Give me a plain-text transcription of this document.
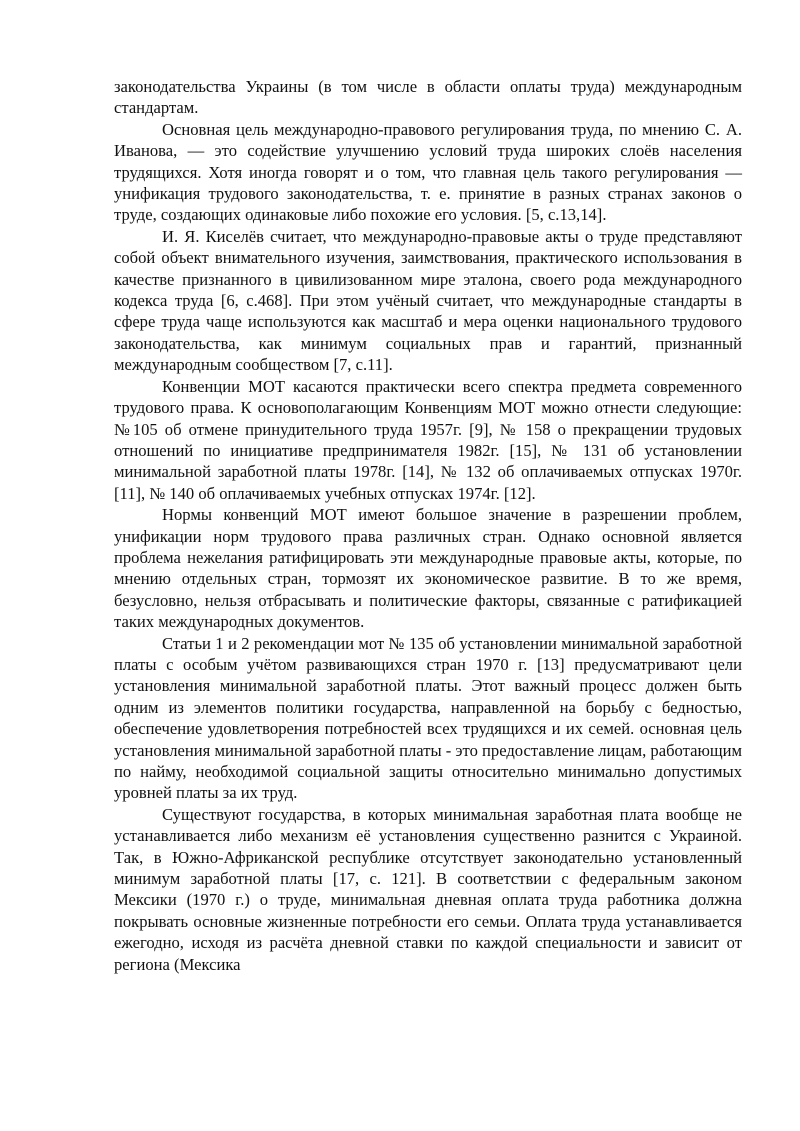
законодательства Украины (в том числе в области оплаты труда) международным стандартам.

Основная цель международно-правового регулирования труда, по мнению С. А. Иванова, — это содействие улучшению условий труда широких слоёв населения трудящихся. Хотя иногда говорят и о том, что главная цель такого регулирования — унификация трудового законодательства, т. е. принятие в разных странах законов о труде, создающих одинаковые либо похожие его условия. [5, с.13,14].

И. Я. Киселёв считает, что международно-правовые акты о труде представляют собой объект внимательного изучения, заимствования, практического использования в качестве признанного в цивилизованном мире эталона, своего рода международного кодекса труда [6, с.468]. При этом учёный считает, что международные стандарты в сфере труда чаще используются как масштаб и мера оценки национального трудового законодательства, как минимум социальных прав и гарантий, признанный международным сообществом [7, с.11].

Конвенции МОТ касаются практически всего спектра предмета современного трудового права. К основополагающим Конвенциям МОТ можно отнести следующие: №105 об отмене принудительного труда 1957г. [9], № 158 о прекращении трудовых отношений по инициативе предпринимателя 1982г. [15], № 131 об установлении минимальной заработной платы 1978г. [14], № 132 об оплачиваемых отпусках 1970г. [11], № 140 об оплачиваемых учебных отпусках 1974г. [12].

Нормы конвенций МОТ имеют большое значение в разрешении проблем, унификации норм трудового права различных стран. Однако основной является проблема нежелания ратифицировать эти международные правовые акты, которые, по мнению отдельных стран, тормозят их экономическое развитие. В то же время, безусловно, нельзя отбрасывать и политические факторы, связанные с ратификацией таких международных документов.

Статьи 1 и 2 рекомендации мот № 135 об установлении минимальной заработной платы с особым учётом развивающихся стран 1970 г. [13] предусматривают цели установления минимальной заработной платы. Этот важный процесс должен быть одним из элементов политики государства, направленной на борьбу с бедностью, обеспечение удовлетворения потребностей всех трудящихся и их семей. основная цель установления минимальной заработной платы - это предоставление лицам, работающим по найму, необходимой социальной защиты относительно минимально допустимых уровней платы за их труд.

Существуют государства, в которых минимальная заработная плата вообще не устанавливается либо механизм её установления существенно разнится с Украиной. Так, в Южно-Африканской республике отсутствует законодательно установленный минимум заработной платы [17, с. 121]. В соответствии с федеральным законом Мексики (1970 г.) о труде, минимальная дневная оплата труда работника должна покрывать основные жизненные потребности его семьи. Оплата труда устанавливается ежегодно, исходя из расчёта дневной ставки по каждой специальности и зависит от региона (Мексика
